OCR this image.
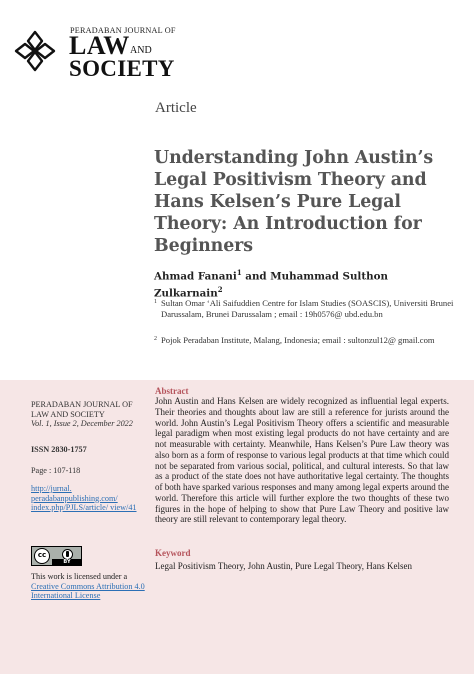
PERADABAN JOURNAL OF
LAW AND
SOCIETY
Article
Understanding John Austin’s Legal Positivism Theory and Hans Kelsen’s Pure Legal Theory: An Introduction for Beginners
Ahmad Fanani$^1$ and Muhammad Sulthon
Zulkarnain$^2$
1 Sultan Omar ‘Ali Saifuddien Centre for Islam Studies (SOASCIS), Universiti Brunei Darussalam, Brunei Darussalam ; email : 19h0576@ ubd.edu.bn
2 Pojok Peradaban Institute, Malang, Indonesia; email : sultonzul12@ gmail.com
PERADABAN JOURNAL OF LAW AND SOCIETY
Vol. 1, Issue 2, December 2022
ISSN 2830-1757
Page : 107-118
http://jurnal. peradabanpublishing.com/ index.php/PJLS/article/ view/41
cc
BY
This work is licensed under a
Creative Commons Attribution 4.0 International License
Abstract

John Austin and Hans Kelsen are widely recognized as influential legal experts. Their theories and thoughts about law are still a reference for jurists around the world. John Austin’s Legal Positivism Theory offers a scientific and measurable legal paradigm when most existing legal products do not have certainty and are not measurable with certainty. Meanwhile, Hans Kelsen’s Pure Law theory was also born as a form of response to various legal products at that time which could not be separated from various social, political, and cultural interests. So that law as a product of the state does not have authoritative legal certainty. The thoughts of both have sparked various responses and many among legal experts around the world. Therefore this article will further explore the two thoughts of these two figures in the hope of helping to show that Pure Law Theory and positive law theory are still relevant to contemporary legal theory.

Keyword

Legal Positivism Theory, John Austin, Pure Legal Theory, Hans Kelsen
